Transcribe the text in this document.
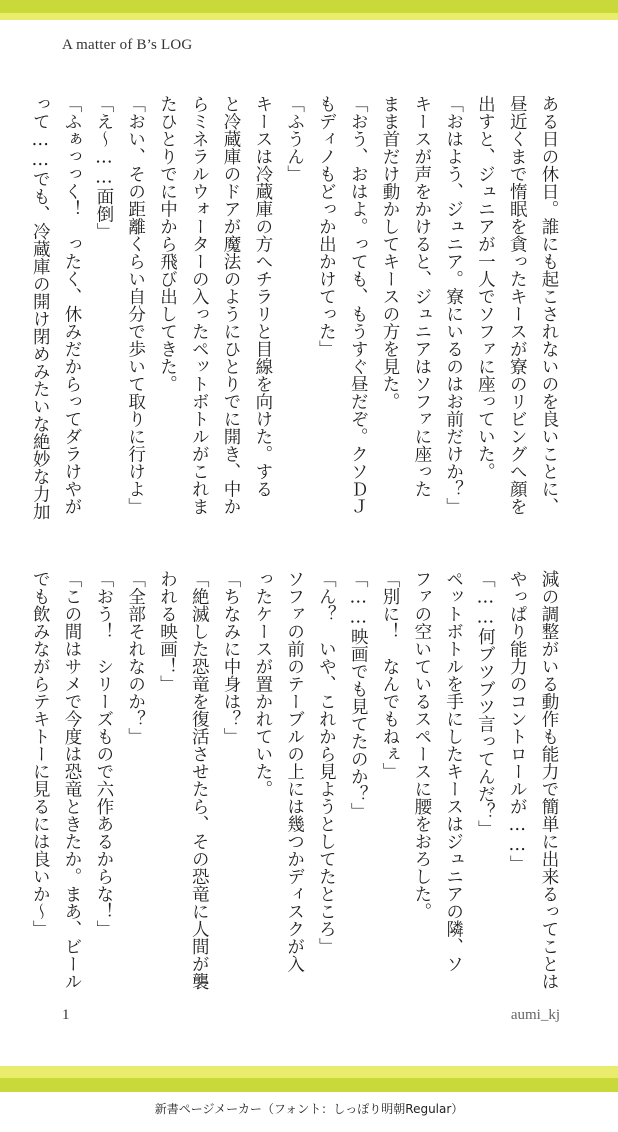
A matter of B’s LOG

ある日の休日。誰にも起こされないのを良いことに、

昼近くまで惰眠を貪ったキースが寮のリビングへ顔を

出すと、ジュニアが一人でソファに座っていた。

「おはよう、ジュニア。寮にいるのはお前だけか？」

キースが声をかけると、ジュニアはソファに座った

まま首だけ動かしてキースの方を見た。

「おう、おはよ。っても、もうすぐ昼だぞ。クソＤＪ

もディノもどっか出かけてった」

「ふうん」

キースは冷蔵庫の方へチラリと目線を向けた。する

と冷蔵庫のドアが魔法のようにひとりでに開き、中か

らミネラルウォーターの入ったペットボトルがこれま

たひとりでに中から飛び出してきた。

「おい、その距離くらい自分で歩いて取りに行けよ」

「え〜……面倒」

「ふぁっっく！　ったく、休みだからってダラけやが

って……でも、冷蔵庫の開け閉めみたいな絶妙な力加

減の調整がいる動作も能力で簡単に出来るってことは

やっぱり能力のコントロールが……」

「……何ブツブツ言ってんだ？」

ペットボトルを手にしたキースはジュニアの隣、ソ

ファの空いているスペースに腰をおろした。

「別に！　なんでもねぇ」

「……映画でも見てたのか？」

「ん？　いや、これから見ようとしてたところ」

ソファの前のテーブルの上には幾つかディスクが入

ったケースが置かれていた。

「ちなみに中身は？」

「絶滅した恐竜を復活させたら、その恐竜に人間が襲

われる映画！」

「全部それなのか？」

「おう！　シリーズもので六作あるからな！」

「この間はサメで今度は恐竜ときたか。まあ、ビール

でも飲みながらテキトーに見るには良いか〜」

1	aumi_kj
新書ページメーカー（フォント：しっぽり明朝Regular）
